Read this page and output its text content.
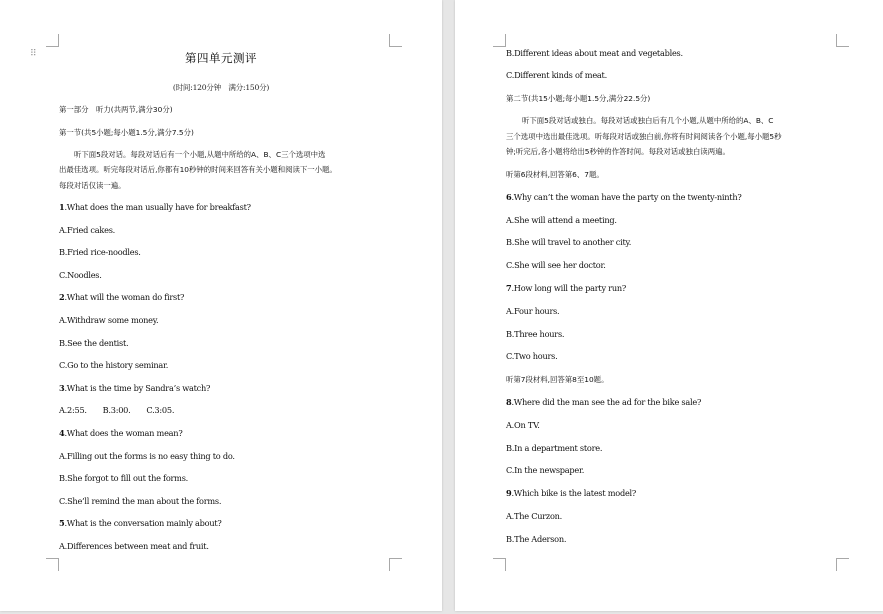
⠿	第四单元测评
(时间:120分钟　满分:150分)
第一部分　听力(共两节,满分30分)
第一节(共5小题;每小题1.5分,满分7.5分)
听下面5段对话。每段对话后有一个小题,从题中所给的A、B、C三个选项中选
出最佳选项。听完每段对话后,你都有10秒钟的时间来回答有关小题和阅读下一小题。
每段对话仅读一遍。
1.What does the man usually have for breakfast?
A.Fried cakes.
B.Fried rice-noodles.
C.Noodles.
2.What will the woman do first?
A.Withdraw some money.
B.See the dentist.
C.Go to the history seminar.
3.What is the time by Sandra’s watch?
A.2:55.　　B.3:00.　　C.3:05.
4.What does the woman mean?
A.Filling out the forms is no easy thing to do.
B.She forgot to fill out the forms.
C.She’ll remind the man about the forms.
5.What is the conversation mainly about?
A.Differences between meat and fruit.
B.Different ideas about meat and vegetables.
C.Different kinds of meat.
第二节(共15小题;每小题1.5分,满分22.5分)
听下面5段对话或独白。每段对话或独白后有几个小题,从题中所给的A、B、C
三个选项中选出最佳选项。听每段对话或独白前,你将有时间阅读各个小题,每小题5秒
钟;听完后,各小题将给出5秒钟的作答时间。每段对话或独白读两遍。
听第6段材料,回答第6、7题。
6.Why can’t the woman have the party on the twenty-ninth?
A.She will attend a meeting.
B.She will travel to another city.
C.She will see her doctor.
7.How long will the party run?
A.Four hours.
B.Three hours.
C.Two hours.
听第7段材料,回答第8至10题。
8.Where did the man see the ad for the bike sale?
A.On TV.
B.In a department store.
C.In the newspaper.
9.Which bike is the latest model?
A.The Curzon.
B.The Aderson.
